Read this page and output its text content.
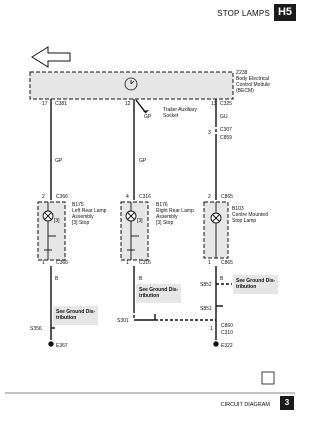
STOP LAMPS H5
Z238
Body Electrical
Control Module
(BECM)
17 C381	12	13 C325
Trailer Auxiliary
Socket
GP
GP
2 C366
[3]
B175
Left Rear Lamp
Assembly
[3] Stop
1 C366
B
S356
E367
See Ground Dis-
tribution
GP
4 C316
[3]
B176
Right Rear Lamp
Assembly
[3] Stop
1 C316
B
S301
See Ground Dis-
tribution
GU
3 C307
C859
2 C865
B103
Centre Mounted
Stop Lamp
1 C865
B
S852
S851
1 C860
C310
E322
See Ground Dis-
tribution
CIRCUIT DIAGRAM	3
